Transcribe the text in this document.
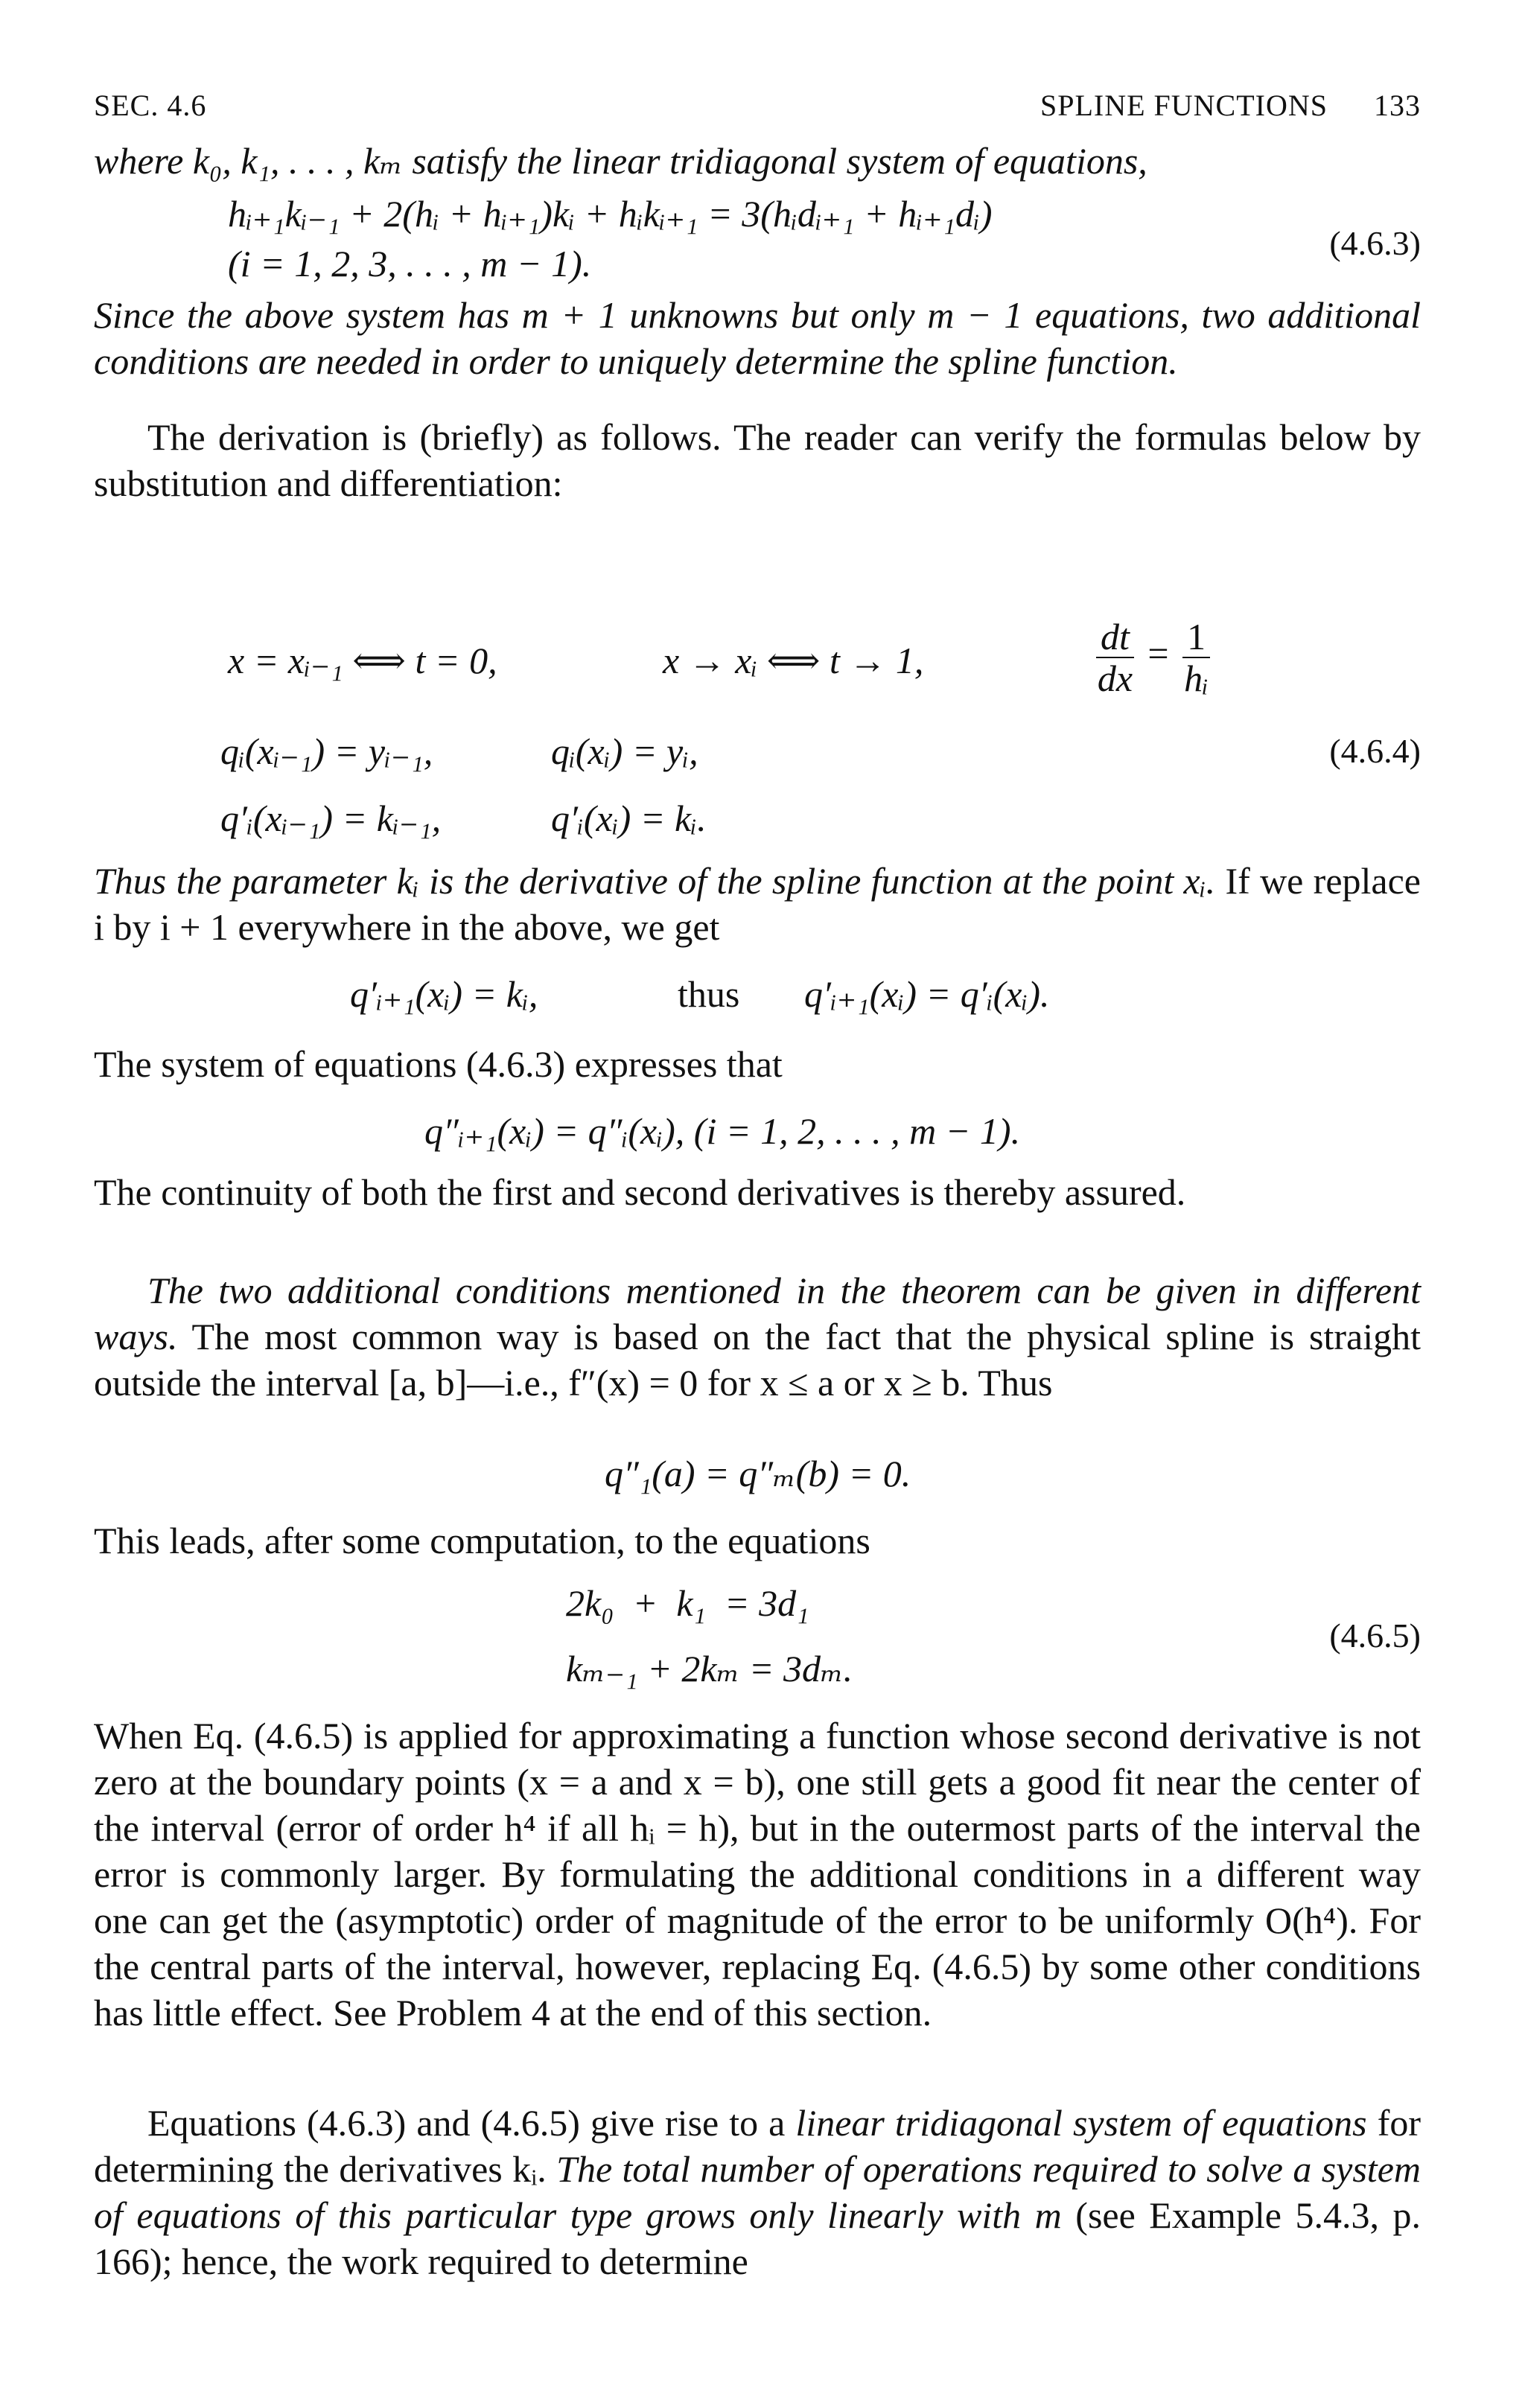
SEC. 4.6	SPLINE FUNCTIONS 133
where k₀, k₁, . . . , kₘ satisfy the linear tridiagonal system of equations,
hᵢ₊₁kᵢ₋₁ + 2(hᵢ + hᵢ₊₁)kᵢ + hᵢkᵢ₊₁ = 3(hᵢdᵢ₊₁ + hᵢ₊₁dᵢ)
(i = 1, 2, 3, . . . , m − 1).	(4.6.3)
Since the above system has m + 1 unknowns but only m − 1 equations, two additional conditions are needed in order to uniquely determine the spline function.
The derivation is (briefly) as follows. The reader can verify the formulas below by substitution and differentiation:
x = xᵢ₋₁ ⟺ t = 0,	x → xᵢ ⟺ t → 1,	$\frac{dt}{dx} = \frac{1}{\text{hᵢ}}$
qᵢ(xᵢ₋₁) = yᵢ₋₁,	qᵢ(xᵢ) = yᵢ,	(4.6.4)
q′ᵢ(xᵢ₋₁) = kᵢ₋₁,	q′ᵢ(xᵢ) = kᵢ.
Thus the parameter kᵢ is the derivative of the spline function at the point xᵢ. If we replace i by i + 1 everywhere in the above, we get
q′ᵢ₊₁(xᵢ) = kᵢ,	thus q′ᵢ₊₁(xᵢ) = q′ᵢ(xᵢ).
The system of equations (4.6.3) expresses that
q″ᵢ₊₁(xᵢ) = q″ᵢ(xᵢ), (i = 1, 2, . . . , m − 1).
The continuity of both the first and second derivatives is thereby assured.
The two additional conditions mentioned in the theorem can be given in different ways. The most common way is based on the fact that the physical spline is straight outside the interval [a, b]—i.e., f″(x) = 0 for x ≤ a or x ≥ b. Thus
q″₁(a) = q″ₘ(b) = 0.
This leads, after some computation, to the equations
2k₀  +  k₁  = 3d₁
kₘ₋₁ + 2kₘ = 3dₘ.
(4.6.5)
When Eq. (4.6.5) is applied for approximating a function whose second derivative is not zero at the boundary points (x = a and x = b), one still gets a good fit near the center of the interval (error of order h⁴ if all hᵢ = h), but in the outermost parts of the interval the error is commonly larger. By formulating the additional conditions in a different way one can get the (asymptotic) order of magnitude of the error to be uniformly O(h⁴). For the central parts of the interval, however, replacing Eq. (4.6.5) by some other conditions has little effect. See Problem 4 at the end of this section.
Equations (4.6.3) and (4.6.5) give rise to a linear tridiagonal system of equations for determining the derivatives kᵢ. The total number of operations required to solve a system of equations of this particular type grows only linearly with m (see Example 5.4.3, p. 166); hence, the work required to determine
